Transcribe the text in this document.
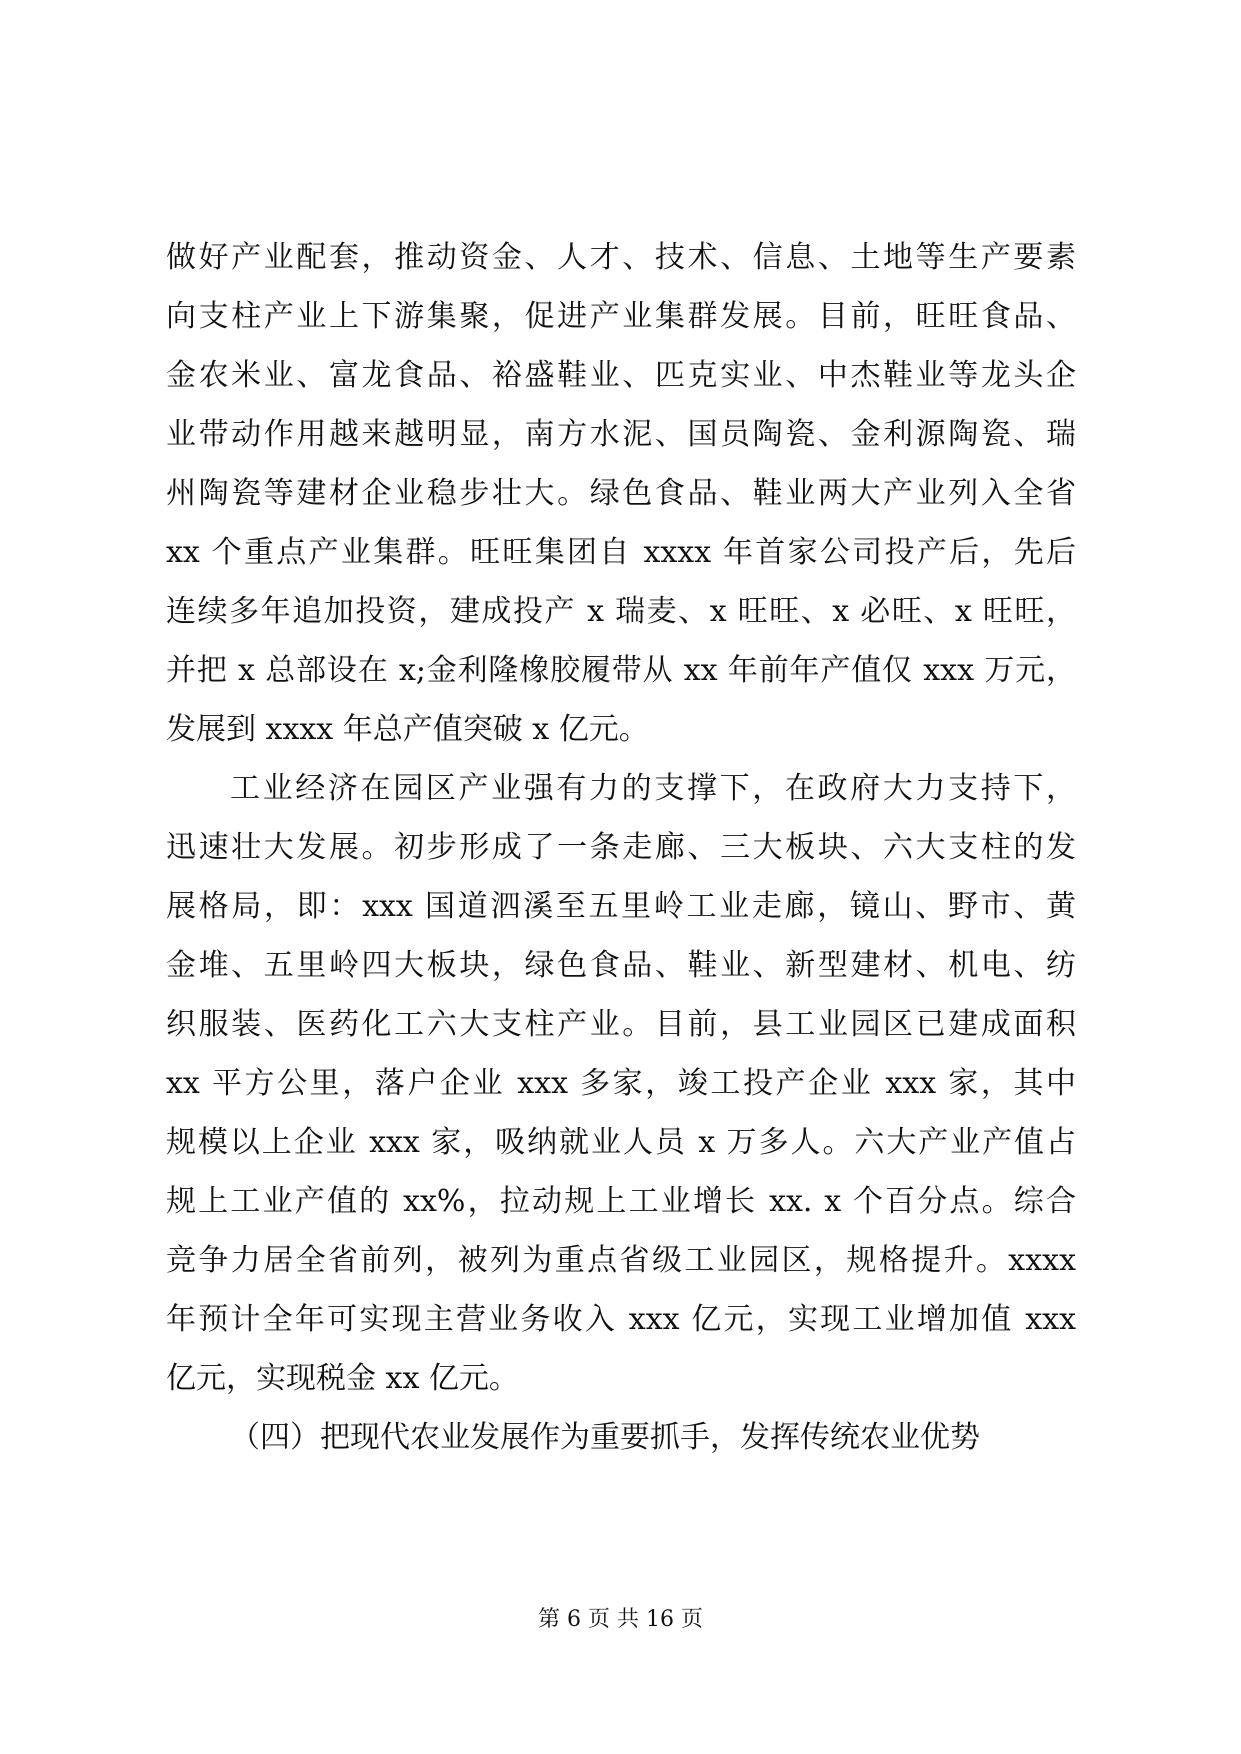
做好产业配套，推动资金、人才、技术、信息、土地等生产要素
向支柱产业上下游集聚，促进产业集群发展。目前，旺旺食品、
金农米业、富龙食品、裕盛鞋业、匹克实业、中杰鞋业等龙头企
业带动作用越来越明显，南方水泥、国员陶瓷、金利源陶瓷、瑞
州陶瓷等建材企业稳步壮大。绿色食品、鞋业两大产业列入全省
xx 个重点产业集群。旺旺集团自 xxxx 年首家公司投产后，先后
连续多年追加投资，建成投产 x 瑞麦、x 旺旺、x 必旺、x 旺旺，
并把 x 总部设在 x;金利隆橡胶履带从 xx 年前年产值仅 xxx 万元，
发展到 xxxx 年总产值突破 x 亿元。
工业经济在园区产业强有力的支撑下，在政府大力支持下，
迅速壮大发展。初步形成了一条走廊、三大板块、六大支柱的发
展格局，即：xxx 国道泗溪至五里岭工业走廊，镜山、野市、黄
金堆、五里岭四大板块，绿色食品、鞋业、新型建材、机电、纺
织服装、医药化工六大支柱产业。目前，县工业园区已建成面积
xx 平方公里，落户企业 xxx 多家，竣工投产企业 xxx 家，其中
规模以上企业 xxx 家，吸纳就业人员 x 万多人。六大产业产值占
规上工业产值的 xx%，拉动规上工业增长 xx. x 个百分点。综合
竞争力居全省前列，被列为重点省级工业园区，规格提升。xxxx
年预计全年可实现主营业务收入 xxx 亿元，实现工业增加值 xxx
亿元，实现税金 xx 亿元。
（四）把现代农业发展作为重要抓手，发挥传统农业优势
第 6 页 共 16 页
